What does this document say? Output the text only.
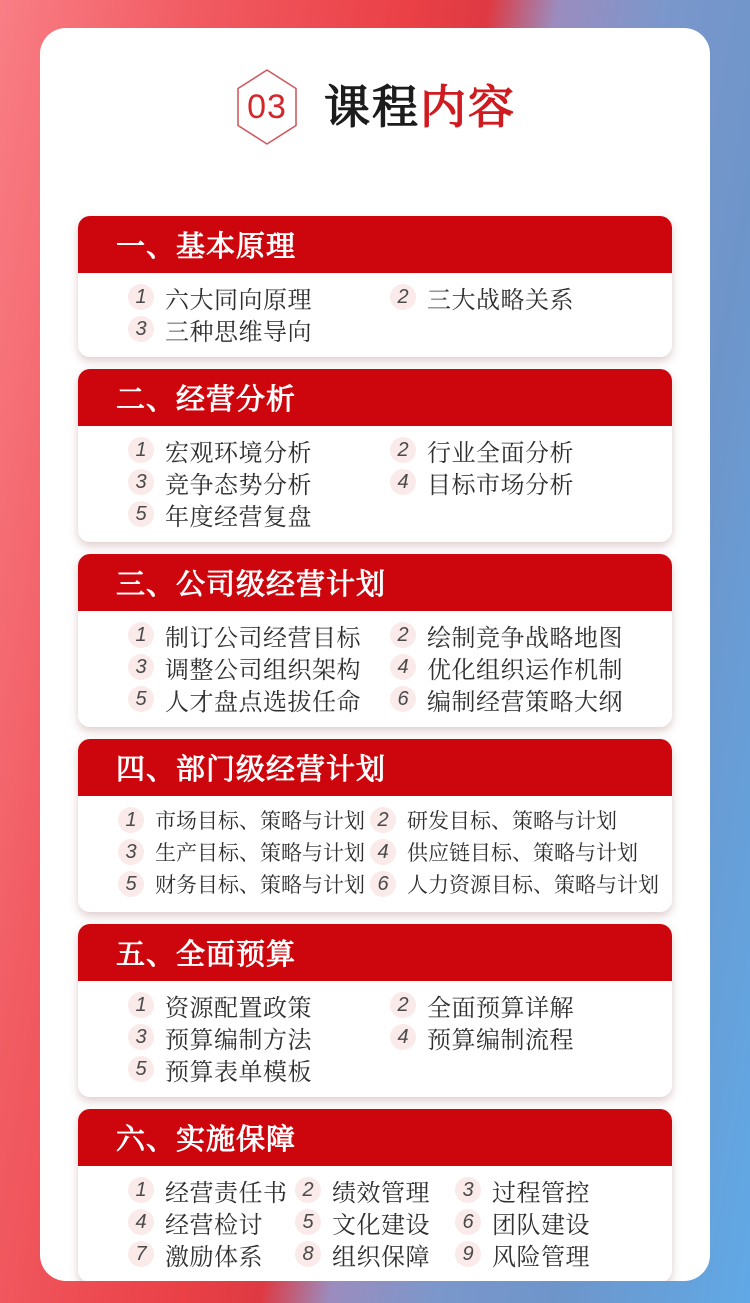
03 课程内容
一、基本原理
1 六大同向原理	2 三大战略关系
3 三种思维导向
二、经营分析
1 宏观环境分析	2 行业全面分析
3 竞争态势分析	4 目标市场分析
5 年度经营复盘
三、公司级经营计划
1 制订公司经营目标	2 绘制竞争战略地图
3 调整公司组织架构	4 优化组织运作机制
5 人才盘点选拔任命	6 编制经营策略大纲
四、部门级经营计划
1 市场目标、策略与计划 2 研发目标、策略与计划
3 生产目标、策略与计划 4 供应链目标、策略与计划
5 财务目标、策略与计划 6 人力资源目标、策略与计划
五、全面预算
1 资源配置政策	2 全面预算详解
3 预算编制方法	4 预算编制流程
5 预算表单模板
六、实施保障
1 经营责任书 2 绩效管理	3 过程管控
4 经营检讨	5 文化建设	6 团队建设
7 激励体系	8 组织保障	9 风险管理
